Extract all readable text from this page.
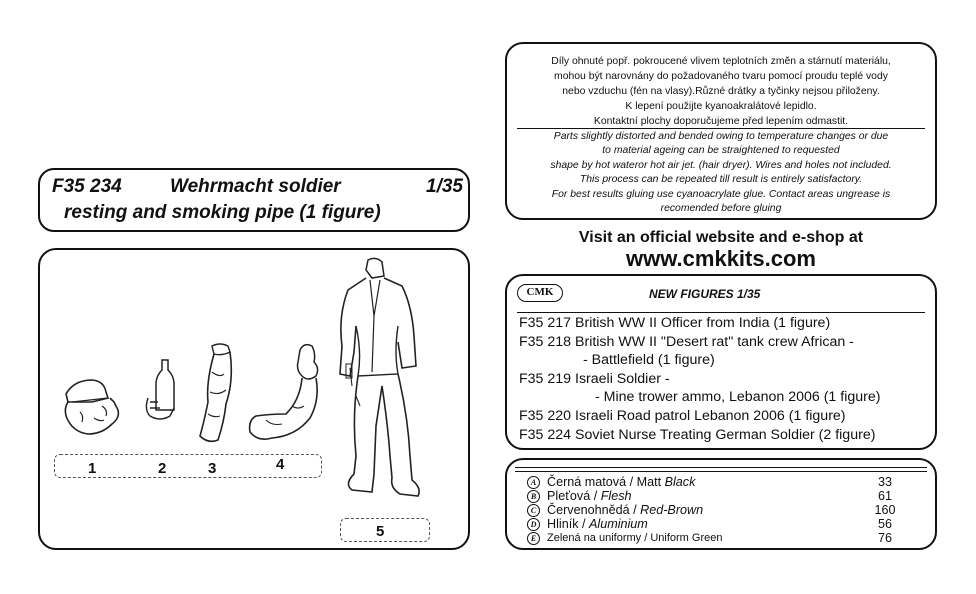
F35 234	Wehrmacht soldier	1/35
resting and smoking pipe (1 figure)
1	2	3	4
5
Díly ohnuté popř. pokroucené vlivem teplotních změn a stárnutí materiálu,
mohou být narovnány do požadovaného tvaru pomocí proudu teplé vody
nebo vzduchu (fén na vlasy).Různé drátky a tyčinky nejsou přiloženy.
K lepení použijte kyanoakralátové lepidlo.
Kontaktní plochy doporučujeme před lepením odmastit.
Parts slightly distorted and bended owing to temperature changes or due
to material ageing can be straightened to requested
shape by hot wateror hot air jet. (hair dryer). Wires and holes not included.
This process can be repeated till result is entirely satisfactory.
For best results gluing use cyanoacrylate glue. Contact areas ungrease is
recomended before gluing
Visit an official website and e-shop at
www.cmkkits.com
CMK	NEW FIGURES 1/35
F35 217 British WW II Officer from India (1 figure)
F35 218 British WW II "Desert rat" tank crew African -
- Battlefield (1 figure)
F35 219 Israeli Soldier -
- Mine trower ammo, Lebanon 2006 (1 figure)
F35 220 Israeli Road patrol Lebanon 2006 (1 figure)
F35 224 Soviet Nurse Treating German Soldier (2 figure)
A Černá matová / Matt Black	33
B Pleťová / Flesh	61
C Červenohnědá / Red-Brown	160
D Hliník / Aluminium	56
E Zelená na uniformy / Uniform Green	76
